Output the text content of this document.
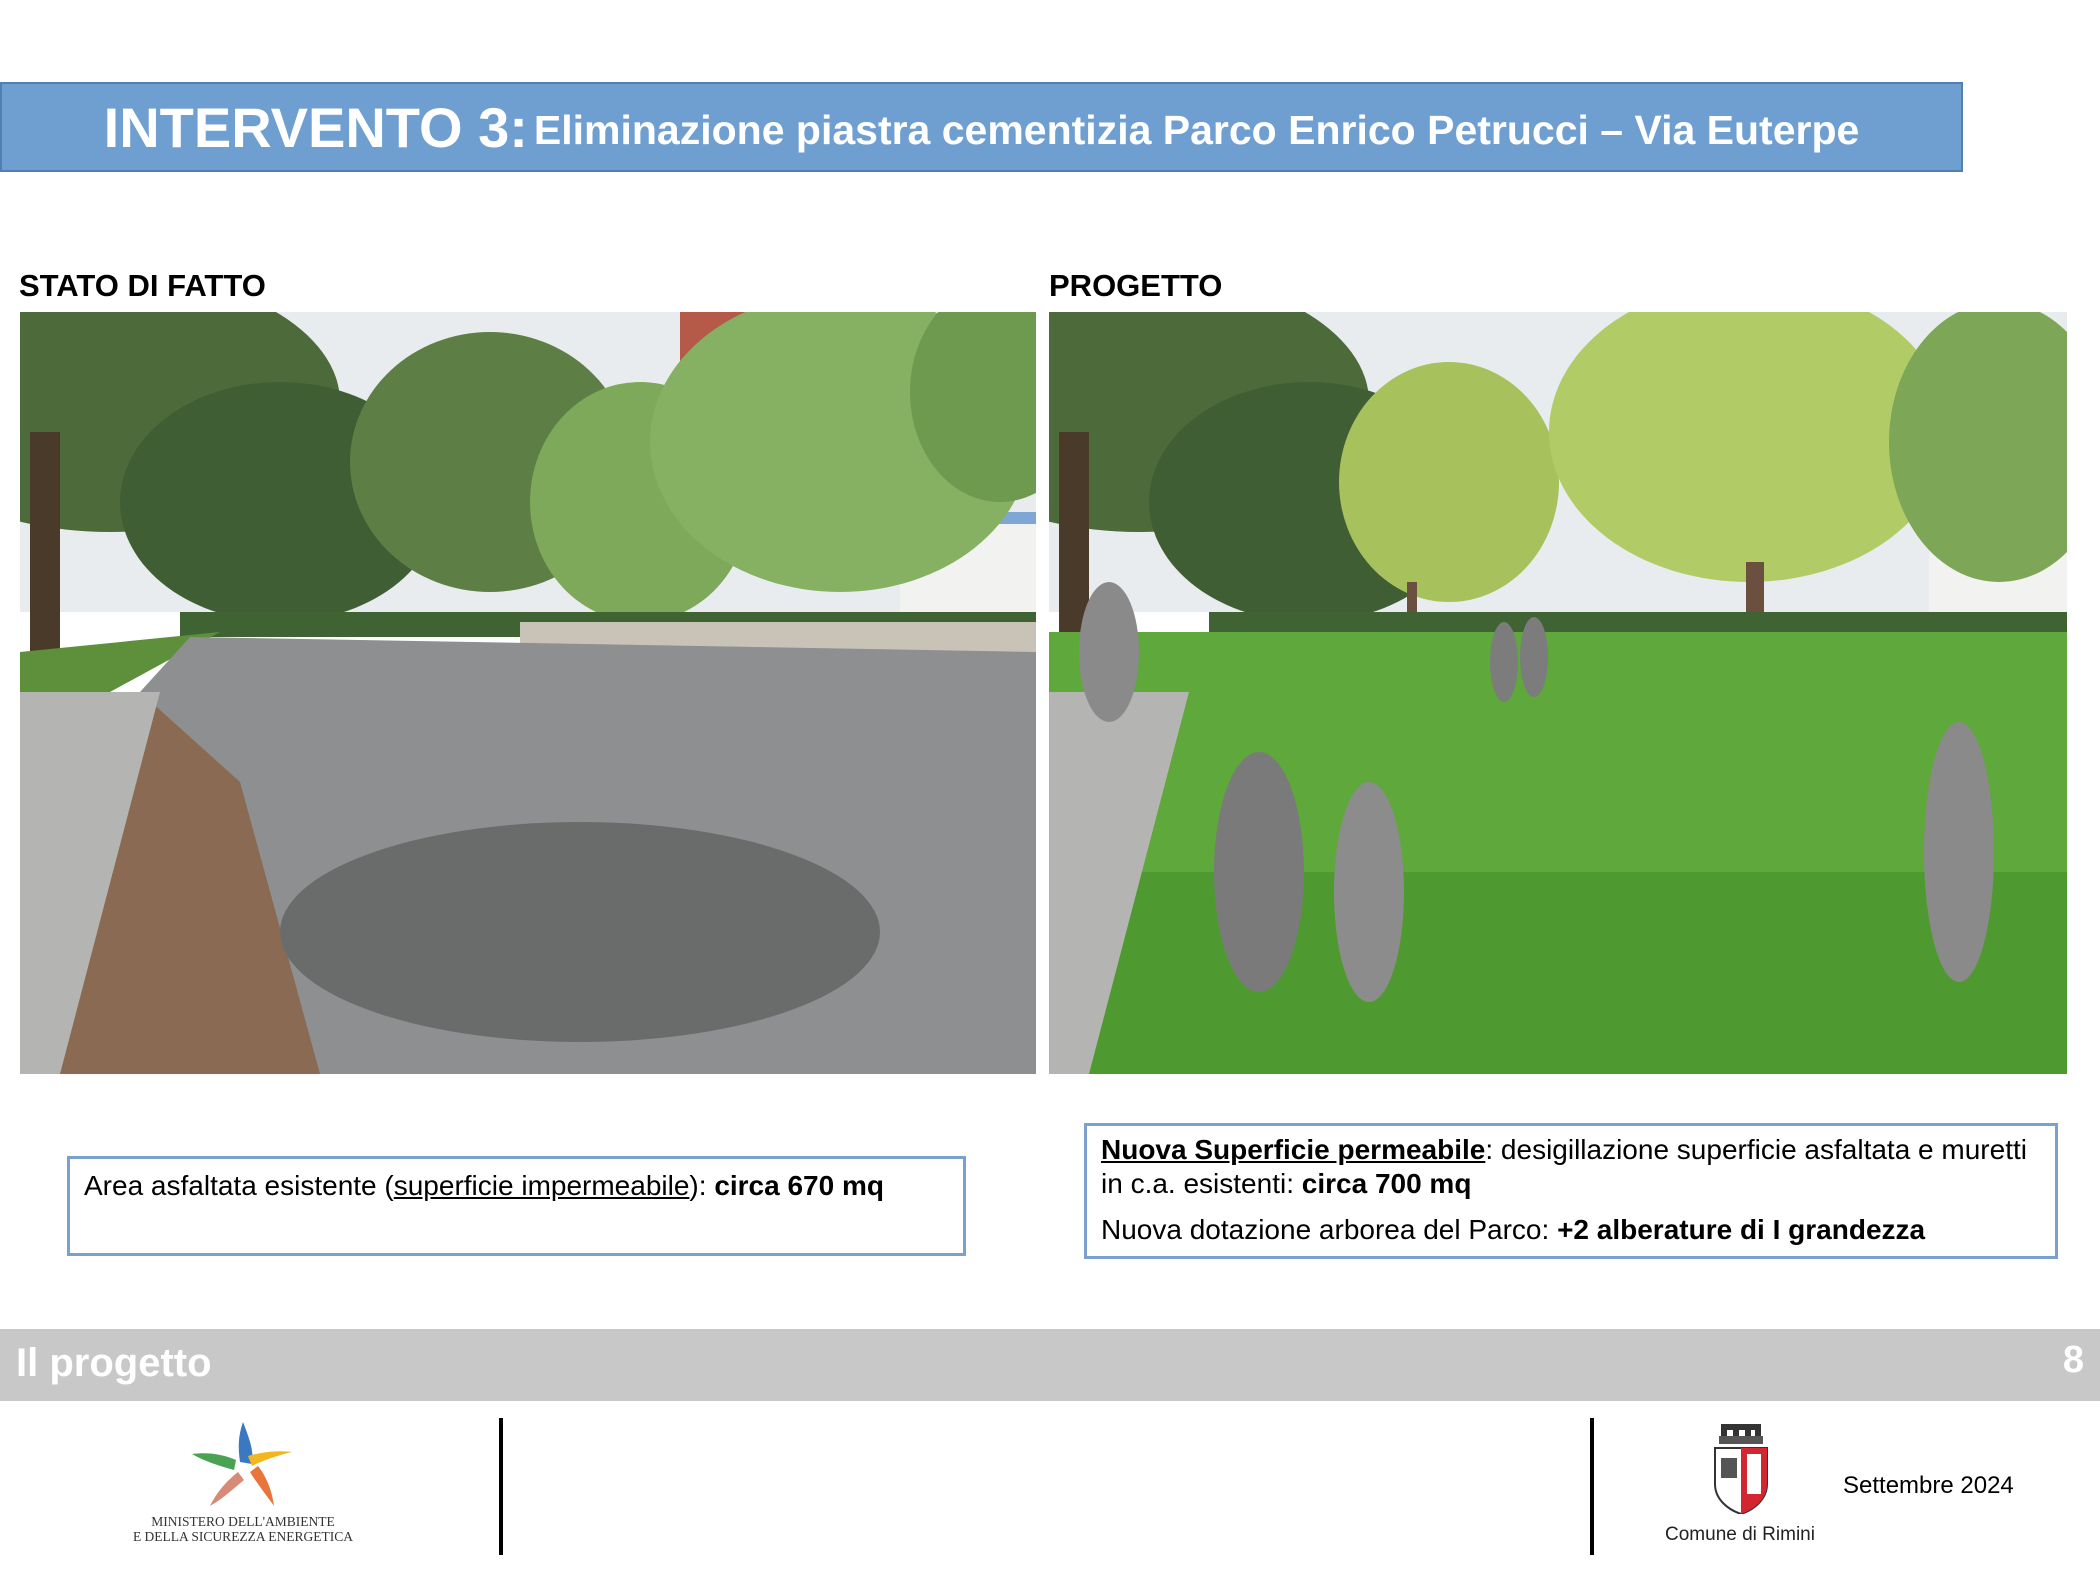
INTERVENTO 3: Eliminazione piastra cementizia Parco Enrico Petrucci – Via Euterpe
STATO DI FATTO	PROGETTO
Area asfaltata esistente (superficie impermeabile): circa 670 mq
Nuova Superficie permeabile: desigillazione superficie asfaltata e muretti in c.a. esistenti: circa 700 mq
Nuova dotazione arborea del Parco: +2 alberature di I grandezza
Il progetto	8
MINISTERO DELL'AMBIENTE
E DELLA SICUREZZA ENERGETICA	Comune di Rimini
Settembre 2024
